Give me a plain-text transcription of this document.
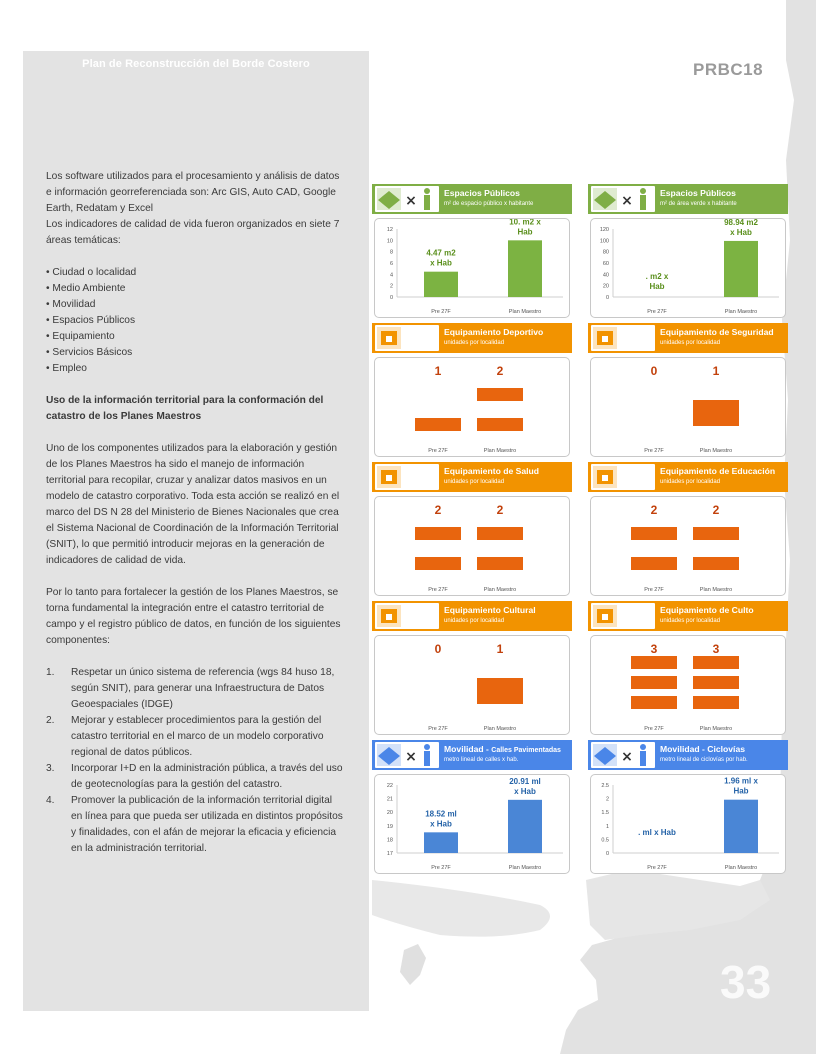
Plan de Reconstrucción del Borde Costero

Los software utilizados para el procesamiento y análisis de datos e información georreferenciada son: Arc GIS, Auto CAD, Google Earth, Redatam y Excel

Los indicadores de calidad de vida fueron organizados en siete 7 áreas temáticas:

• Ciudad o localidad
• Medio Ambiente
• Movilidad
• Espacios Públicos
• Equipamiento
• Servicios Básicos
• Empleo

Uso de la información territorial para la conformación del catastro de los Planes Maestros

Uno de los componentes utilizados para la elaboración y gestión de los Planes Maestros ha sido el manejo de información territorial para recopilar, cruzar y analizar datos masivos en un modelo de catastro corporativo. Toda esta acción se realizó en el marco del DS N 28 del Ministerio de Bienes Nacionales que crea el Sistema Nacional de Coordinación de la Información Territorial (SNIT), lo que permitió introducir mejoras en la generación de indicadores de calidad de vida.

Por lo tanto para fortalecer la gestión de los Planes Maestros, se torna fundamental la integración entre el catastro territorial de campo y el registro público de datos, en función de los siguientes componentes:

1. Respetar un único sistema de referencia (wgs 84 huso 18, según SNIT), para generar una Infraestructura de Datos Geoespaciales (IDGE)
2. Mejorar y establecer procedimientos para la gestión del catastro territorial en el marco de un modelo corporativo regional de datos públicos.
3. Incorporar I+D en la administración pública, a través del uso de geotecnologías para la gestión del catastro.
4. Promover la publicación de la información territorial digital en línea para que pueda ser utilizada en distintos propósitos y finalidades, con el afán de mejorar la eficacia y eficiencia en la administración territorial.
PRBC18
33
×	Espacios Públicos
m² de espacio público x habitante
0
2
4
6
8
10
12
4.47 m2
x Hab
Pre 27F
10. m2 x
Hab
Plan Maestro
×	Espacios Públicos
m² de área verde x habitante
0
20
40
60
80
100
120
. m2 x
Hab
Pre 27F
98.94 m2
x Hab
Plan Maestro
Equipamiento Deportivo
unidades por localidad
1
Pre 27F
2
Plan Maestro
Equipamiento de Seguridad
unidades por localidad
0
Pre 27F
1
Plan Maestro
Equipamiento de Salud
unidades por localidad
2
Pre 27F
2
Plan Maestro
Equipamiento de Educación
unidades por localidad
2
Pre 27F
2
Plan Maestro
Equipamiento Cultural
unidades por localidad
0
Pre 27F
1
Plan Maestro
Equipamiento de Culto
unidades por localidad
3
Pre 27F
3
Plan Maestro
×	Movilidad - Calles Pavimentadas
metro lineal de calles x hab.
17
18
19
20
21
22
18.52 ml
x Hab
Pre 27F
20.91 ml
x Hab
Plan Maestro
×	Movilidad - Ciclovías
metro lineal de ciclovías por hab.
0
0.5
1
1.5
2
2.5
. ml x Hab
Pre 27F
1.96 ml x
Hab
Plan Maestro
